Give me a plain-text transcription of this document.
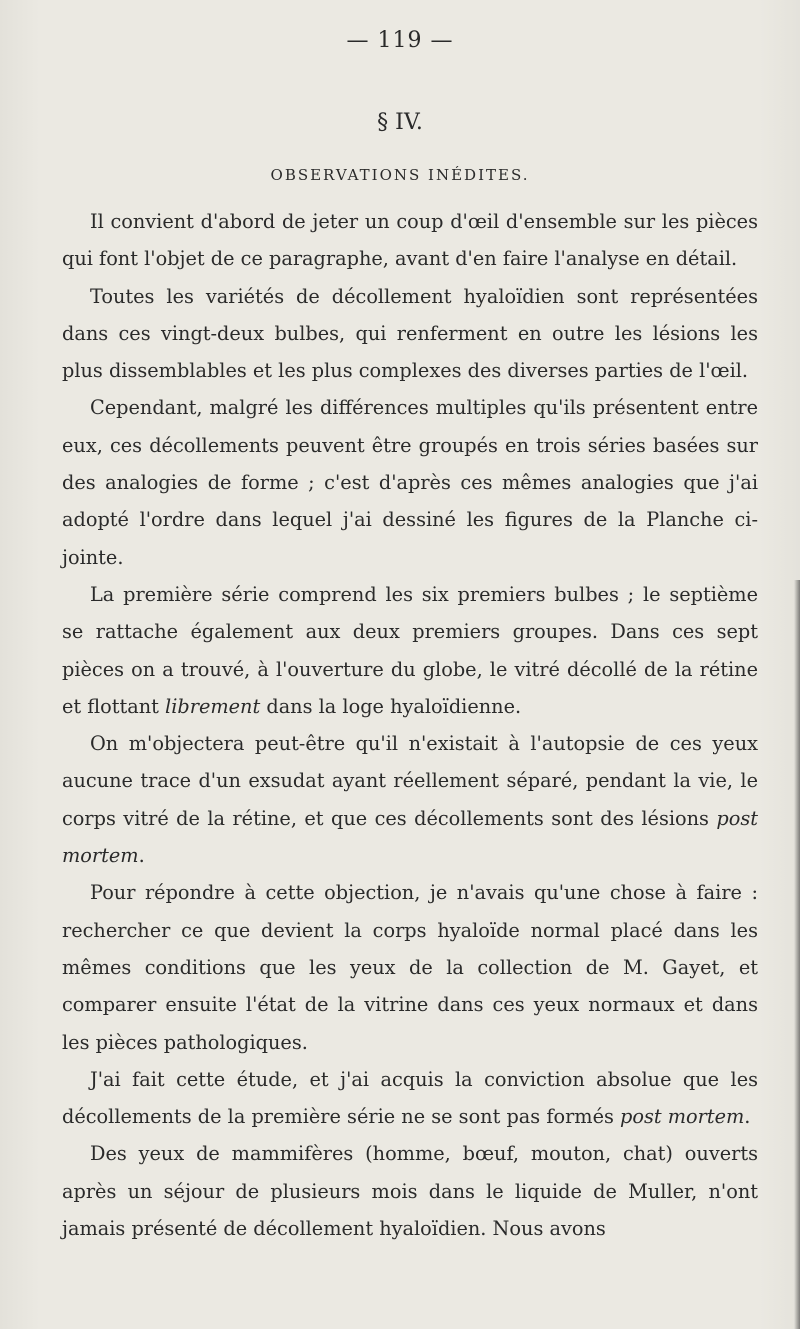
— 119 —
§ IV.
OBSERVATIONS INÉDITES.

Il convient d'abord de jeter un coup d'œil d'ensemble sur les pièces qui font l'objet de ce paragraphe, avant d'en faire l'analyse en détail.

Toutes les variétés de décollement hyaloïdien sont représentées dans ces vingt-deux bulbes, qui renferment en outre les lésions les plus dissemblables et les plus complexes des diverses parties de l'œil.

Cependant, malgré les différences multiples qu'ils présentent entre eux, ces décollements peuvent être groupés en trois séries basées sur des analogies de forme ; c'est d'après ces mêmes analogies que j'ai adopté l'ordre dans lequel j'ai dessiné les figures de la Planche ci-jointe.

La première série comprend les six premiers bulbes ; le septième se rattache également aux deux premiers groupes. Dans ces sept pièces on a trouvé, à l'ouverture du globe, le vitré décollé de la rétine et flottant librement dans la loge hyaloïdienne.

On m'objectera peut-être qu'il n'existait à l'autopsie de ces yeux aucune trace d'un exsudat ayant réellement séparé, pendant la vie, le corps vitré de la rétine, et que ces décollements sont des lésions post mortem.

Pour répondre à cette objection, je n'avais qu'une chose à faire : rechercher ce que devient la corps hyaloïde normal placé dans les mêmes conditions que les yeux de la collection de M. Gayet, et comparer ensuite l'état de la vitrine dans ces yeux normaux et dans les pièces pathologiques.

J'ai fait cette étude, et j'ai acquis la conviction absolue que les décollements de la première série ne se sont pas formés post mortem.

Des yeux de mammifères (homme, bœuf, mouton, chat) ouverts après un séjour de plusieurs mois dans le liquide de Muller, n'ont jamais présenté de décollement hyaloïdien. Nous avons
